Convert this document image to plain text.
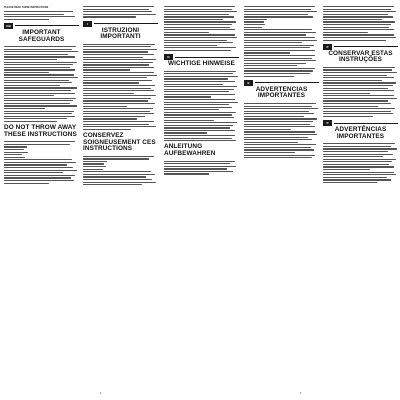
PLEASE READ THESE INSTRUCTIONS
GB
IMPORTANT SAFEGUARDS
DO NOT THROW AWAY THESE INSTRUCTIONS
I
ISTRUZIONI IMPORTANTI
CONSERVEZ SOIGNEUSEMENT CES INSTRUCTIONS
D
WICHTIGE HINWEISE
ANLEITUNG AUFBEWAHREN
E
ADVERTENCIAS IMPORTANTES
P
CONSERVAR ESTAS INSTRUÇÕES
P
ADVERTÊNCIAS IMPORTANTES
2	3
